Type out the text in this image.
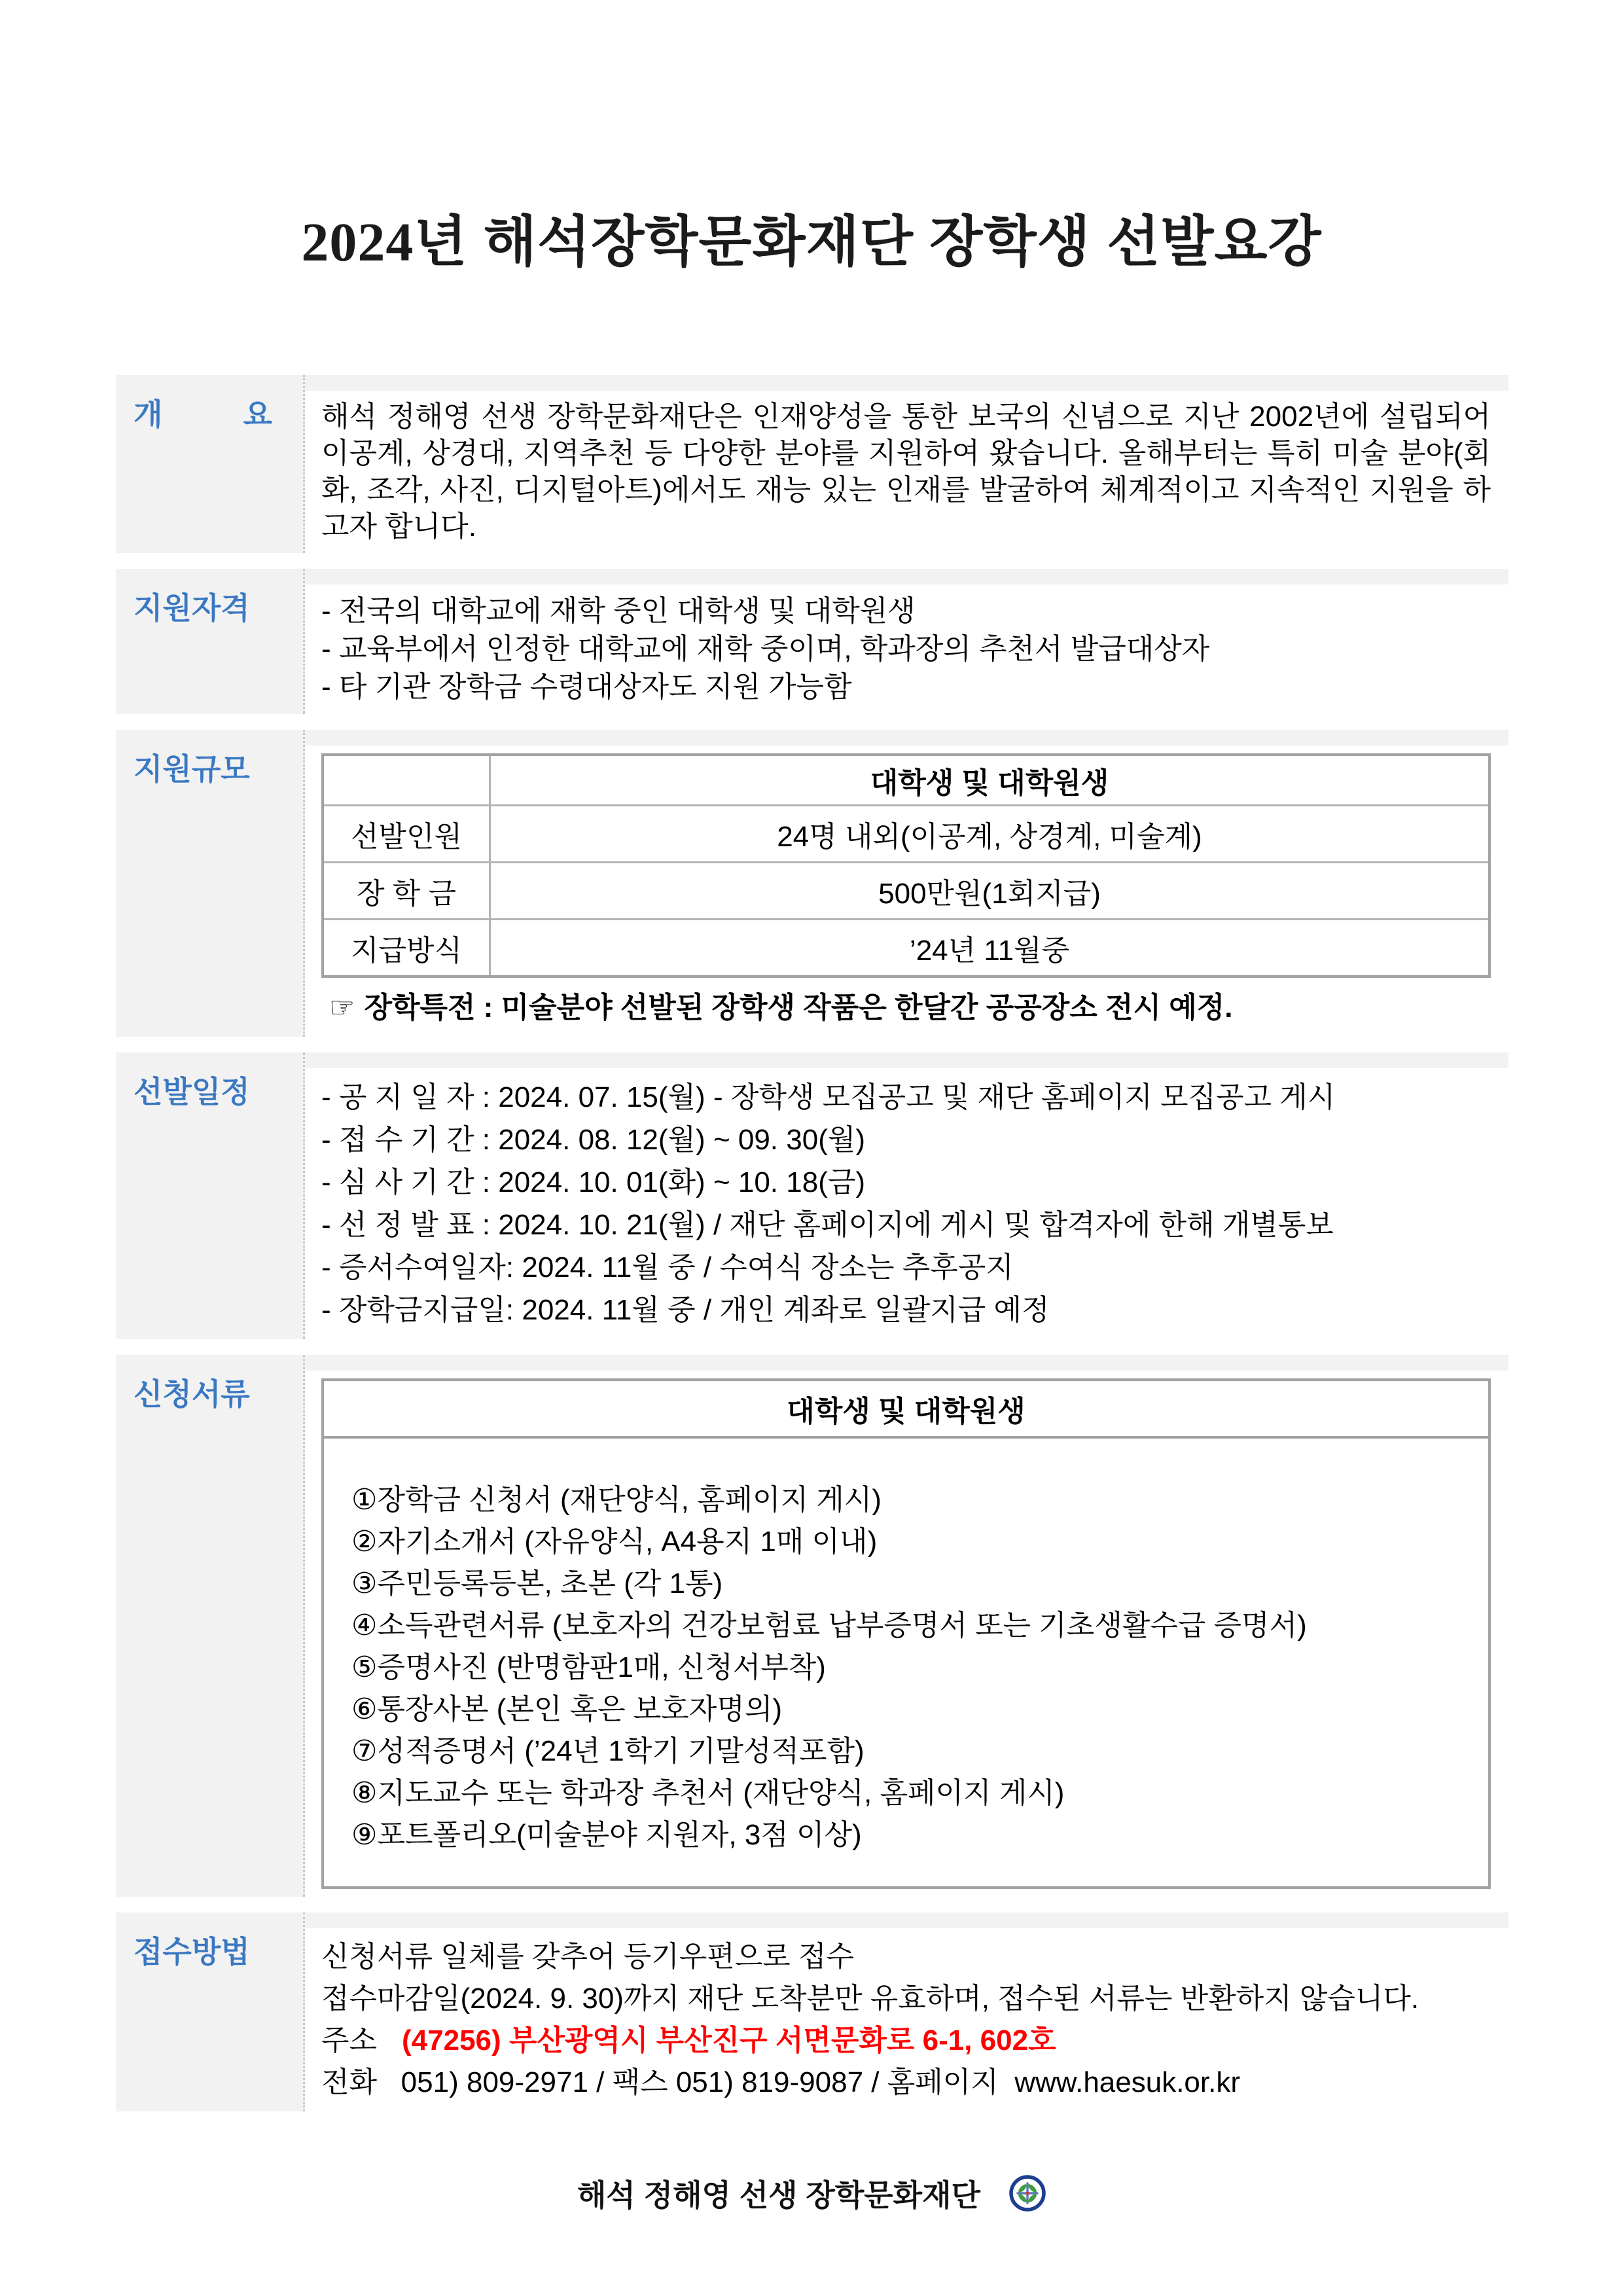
2024년 해석장학문화재단 장학생 선발요강
개	요 해석 정해영 선생 장학문화재단은 인재양성을 통한 보국의 신념으로 지난 2002년에 설립되어 이공계, 상경대, 지역추천 등 다양한 분야를 지원하여 왔습니다. 올해부터는 특히 미술 분야(회화, 조각, 사진, 디지털아트)에서도 재능 있는 인재를 발굴하여 체계적이고 지속적인 지원을 하고자 합니다.

지원자격	- 전국의 대학교에 재학 중인 대학생 및 대학원생

- 교육부에서 인정한 대학교에 재학 중이며, 학과장의 추천서 발급대상자

- 타 기관 장학금 수령대상자도 지원 가능함

지원규모
		대학생 및 대학원생
선발인원	24명 내외(이공계, 상경계, 미술계)
장 학 금	500만원(1회지급)
지급방식	’24년 11월중

☞ 장학특전 : 미술분야 선발된 장학생 작품은 한달간 공공장소 전시 예정.

선발일정	- 공 지 일 자 : 2024. 07. 15(월) - 장학생 모집공고 및 재단 홈페이지 모집공고 게시

- 접 수 기 간 : 2024. 08. 12(월) ~ 09. 30(월)

- 심 사 기 간 : 2024. 10. 01(화) ~ 10. 18(금)

- 선 정 발 표 : 2024. 10. 21(월) / 재단 홈페이지에 게시 및 합격자에 한해 개별통보

- 증서수여일자: 2024. 11월 중 / 수여식 장소는 추후공지

- 장학금지급일: 2024. 11월 중 / 개인 계좌로 일괄지급 예정

신청서류
대학생 및 대학원생

①장학금 신청서 (재단양식, 홈페이지 게시)

②자기소개서 (자유양식, A4용지 1매 이내)

③주민등록등본, 초본 (각 1통)

④소득관련서류 (보호자의 건강보험료 납부증명서 또는 기초생활수급 증명서)

⑤증명사진 (반명함판1매, 신청서부착)

⑥통장사본 (본인 혹은 보호자명의)

⑦성적증명서 (’24년 1학기 기말성적포함)

⑧지도교수 또는 학과장 추천서 (재단양식, 홈페이지 게시)

⑨포트폴리오(미술분야 지원자, 3점 이상)

접수방법	신청서류 일체를 갖추어 등기우편으로 접수

접수마감일(2024. 9. 30)까지 재단 도착분만 유효하며, 접수된 서류는 반환하지 않습니다.

주소 (47256) 부산광역시 부산진구 서면문화로 6-1, 602호

전화   051) 809-2971 / 팩스 051) 819-9087 / 홈페이지  www.haesuk.or.kr

해석 정해영 선생 장학문화재단
